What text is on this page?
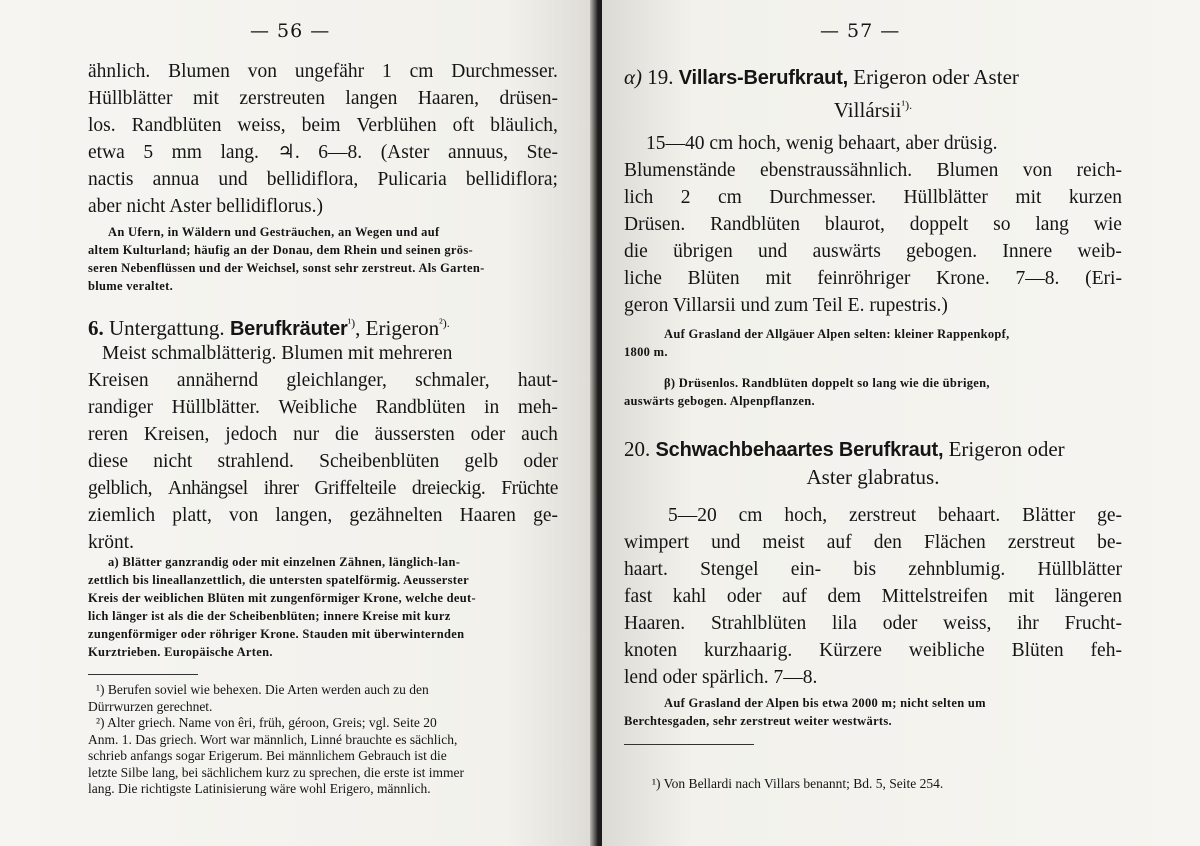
— 56 —

ähnlich. Blumen von ungefähr 1 cm Durchmesser.

Hüllblätter mit zerstreuten langen Haaren, drüsen-

los. Randblüten weiss, beim Verblühen oft bläulich,

etwa 5 mm lang. ♃. 6—8. (Aster annuus, Ste-

nactis annua und bellidiflora, Pulicaria bellidiflora;

aber nicht Aster bellidiflorus.)

An Ufern, in Wäldern und Gesträuchen, an Wegen und auf

altem Kulturland; häufig an der Donau, dem Rhein und seinen grös-

seren Nebenflüssen und der Weichsel, sonst sehr zerstreut. Als Garten-

blume veraltet.

6. Untergattung. Berufkräuter$^{^1)}$, Erigeron$^{^2).}$

Meist schmalblätterig. Blumen mit mehreren

Kreisen annähernd gleichlanger, schmaler, haut-

randiger Hüllblätter. Weibliche Randblüten in meh-

reren Kreisen, jedoch nur die äussersten oder auch

diese nicht strahlend. Scheibenblüten gelb oder

gelblich, Anhängsel ihrer Griffelteile dreieckig. Früchte

ziemlich platt, von langen, gezähnelten Haaren ge-

krönt.

a) Blätter ganzrandig oder mit einzelnen Zähnen, länglich-lan-

zettlich bis lineallanzettlich, die untersten spatelförmig. Aeusserster

Kreis der weiblichen Blüten mit zungenförmiger Krone, welche deut-

lich länger ist als die der Scheibenblüten; innere Kreise mit kurz

zungenförmiger oder röhriger Krone. Stauden mit überwinternden

Kurztrieben. Europäische Arten.

¹) Berufen soviel wie behexen. Die Arten werden auch zu den

Dürrwurzen gerechnet.

²) Alter griech. Name von êri, früh, géroon, Greis; vgl. Seite 20

Anm. 1. Das griech. Wort war männlich, Linné brauchte es sächlich,

schrieb anfangs sogar Erigerum. Bei männlichem Gebrauch ist die

letzte Silbe lang, bei sächlichem kurz zu sprechen, die erste ist immer

lang. Die richtigste Latinisierung wäre wohl Erigero, männlich.

— 57 —

α) 19. Villars-Berufkraut, Erigeron oder Aster

Villársii$^{^1).}$

15—40 cm hoch, wenig behaart, aber drüsig.

Blumenstände ebenstraussähnlich. Blumen von reich-

lich 2 cm Durchmesser. Hüllblätter mit kurzen

Drüsen. Randblüten blaurot, doppelt so lang wie

die übrigen und auswärts gebogen. Innere weib-

liche Blüten mit feinröhriger Krone. 7—8. (Eri-

geron Villarsii und zum Teil E. rupestris.)

Auf Grasland der Allgäuer Alpen selten: kleiner Rappenkopf,

1800 m.

β) Drüsenlos. Randblüten doppelt so lang wie die übrigen,

auswärts gebogen. Alpenpflanzen.

20. Schwachbehaartes Berufkraut, Erigeron oder

Aster glabratus.

5—20 cm hoch, zerstreut behaart. Blätter ge-

wimpert und meist auf den Flächen zerstreut be-

haart. Stengel ein- bis zehnblumig. Hüllblätter

fast kahl oder auf dem Mittelstreifen mit längeren

Haaren. Strahlblüten lila oder weiss, ihr Frucht-

knoten kurzhaarig. Kürzere weibliche Blüten feh-

lend oder spärlich. 7—8.

Auf Grasland der Alpen bis etwa 2000 m; nicht selten um

Berchtesgaden, sehr zerstreut weiter westwärts.

¹) Von Bellardi nach Villars benannt; Bd. 5, Seite 254.
